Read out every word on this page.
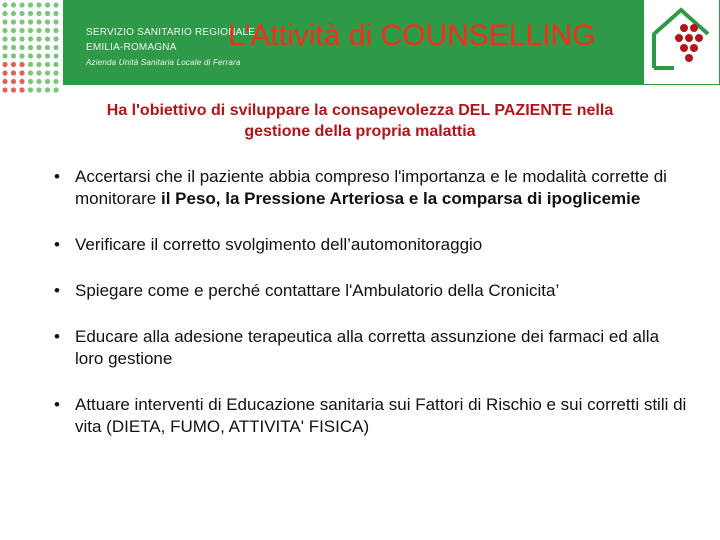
SERVIZIO SANITARIO REGIONALE
EMILIA-ROMAGNA
Azienda Unità Sanitaria Locale di Ferrara
L'Attività di COUNSELLING
Ha l'obiettivo di sviluppare la consapevolezza DEL PAZIENTE nella
gestione della propria malattia
• Accertarsi che il paziente abbia compreso l'importanza e le modalità corrette di monitorare il Peso, la Pressione Arteriosa e la comparsa di ipoglicemie
• Verificare il corretto svolgimento dell’automonitoraggio
• Spiegare come e perché contattare l'Ambulatorio della Cronicita’
• Educare alla adesione terapeutica alla corretta assunzione dei farmaci ed alla loro gestione
• Attuare interventi di Educazione sanitaria sui Fattori di Rischio e sui corretti stili di vita (DIETA, FUMO, ATTIVITA' FISICA)
